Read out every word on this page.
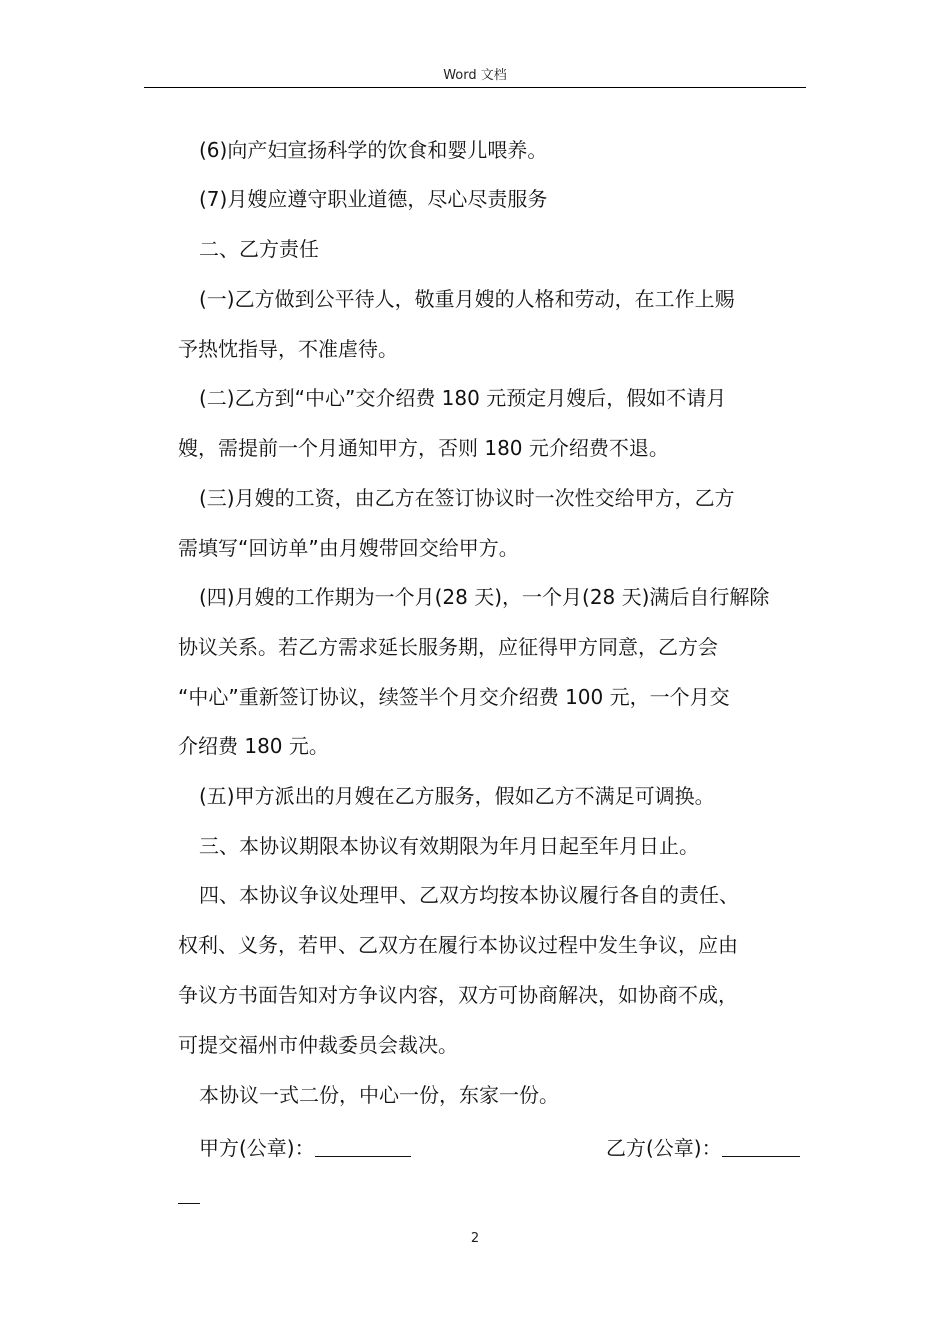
Word 文档
(6)向产妇宣扬科学的饮食和婴儿喂养。
(7)月嫂应遵守职业道德，尽心尽责服务
二、乙方责任
(一)乙方做到公平待人，敬重月嫂的人格和劳动，在工作上赐
予热忱指导，不准虐待。
(二)乙方到“中心”交介绍费 180 元预定月嫂后，假如不请月
嫂，需提前一个月通知甲方，否则 180 元介绍费不退。
(三)月嫂的工资，由乙方在签订协议时一次性交给甲方，乙方
需填写“回访单”由月嫂带回交给甲方。
(四)月嫂的工作期为一个月(28 天)，一个月(28 天)满后自行解除
协议关系。若乙方需求延长服务期，应征得甲方同意，乙方会
“中心”重新签订协议，续签半个月交介绍费 100 元，一个月交
介绍费 180 元。
(五)甲方派出的月嫂在乙方服务，假如乙方不满足可调换。
三、本协议期限本协议有效期限为年月日起至年月日止。
四、本协议争议处理甲、乙双方均按本协议履行各自的责任、
权利、义务，若甲、乙双方在履行本协议过程中发生争议，应由
争议方书面告知对方争议内容，双方可协商解决，如协商不成，
可提交福州市仲裁委员会裁决。
本协议一式二份，中心一份，东家一份。
甲方(公章)：	乙方(公章)：
2
